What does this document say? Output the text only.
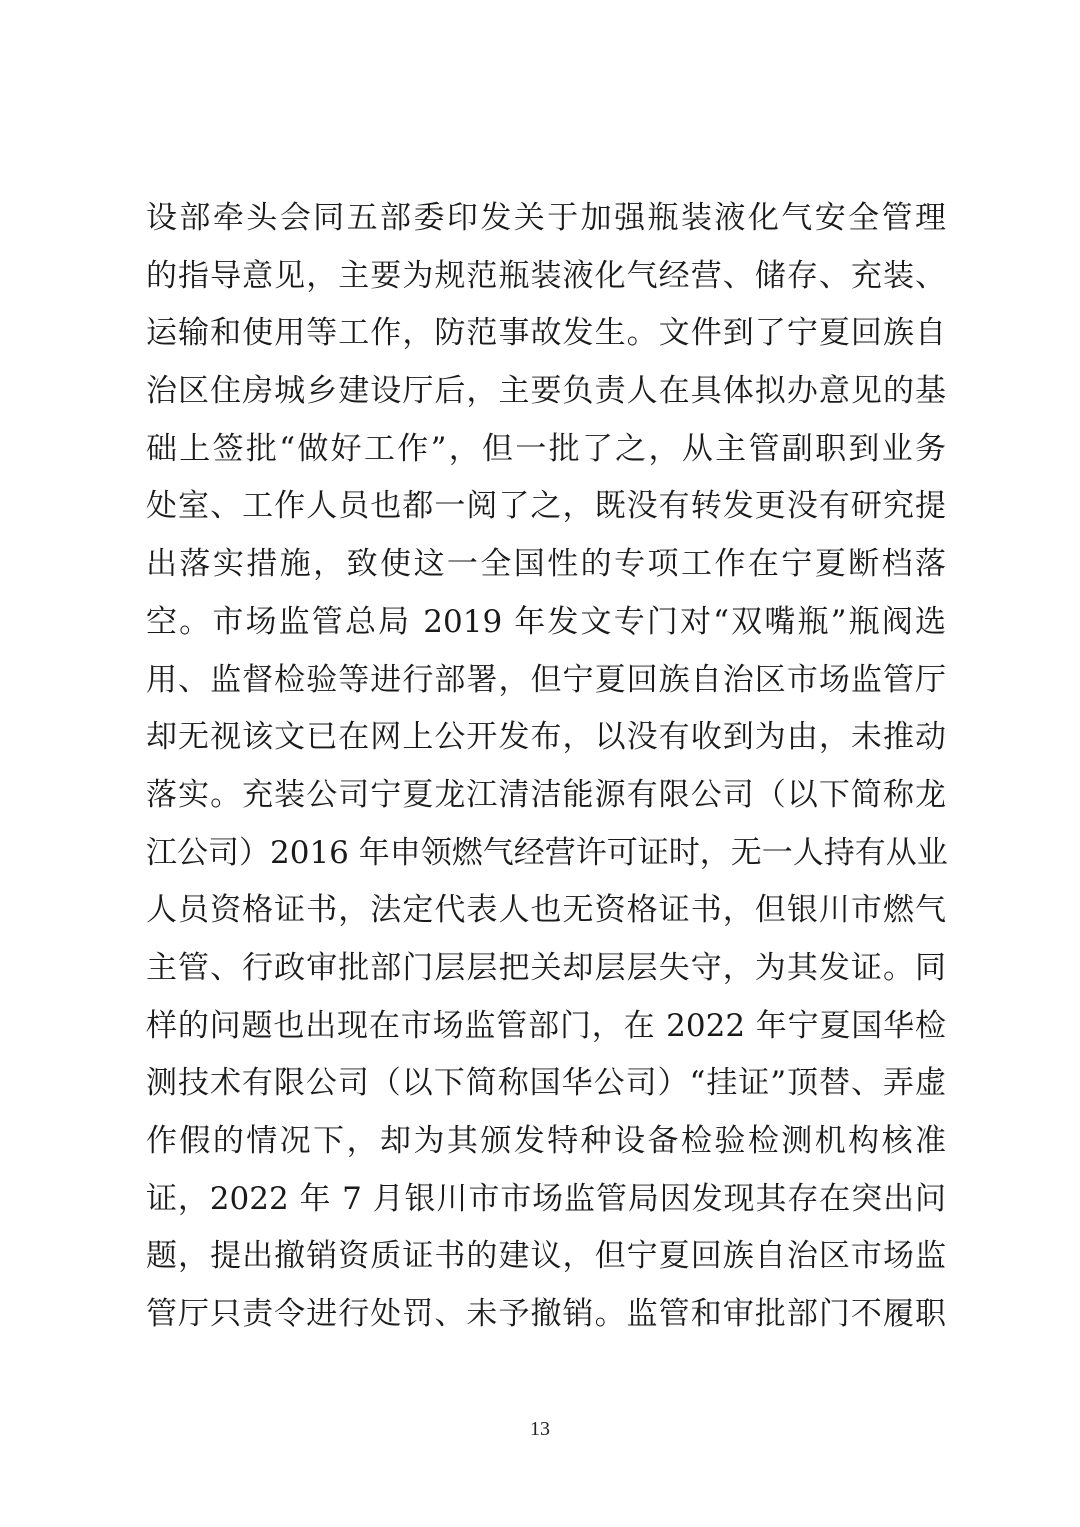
设部牵头会同五部委印发关于加强瓶装液化气安全管理
的指导意见，主要为规范瓶装液化气经营、储存、充装、
运输和使用等工作，防范事故发生。文件到了宁夏回族自
治区住房城乡建设厅后，主要负责人在具体拟办意见的基
础上签批“做好工作”，但一批了之，从主管副职到业务
处室、工作人员也都一阅了之，既没有转发更没有研究提
出落实措施，致使这一全国性的专项工作在宁夏断档落
空。市场监管总局 2019 年发文专门对“双嘴瓶”瓶阀选
用、监督检验等进行部署，但宁夏回族自治区市场监管厅
却无视该文已在网上公开发布，以没有收到为由，未推动
落实。充装公司宁夏龙江清洁能源有限公司（以下简称龙
江公司）2016 年申领燃气经营许可证时，无一人持有从业
人员资格证书，法定代表人也无资格证书，但银川市燃气
主管、行政审批部门层层把关却层层失守，为其发证。同
样的问题也出现在市场监管部门，在 2022 年宁夏国华检
测技术有限公司（以下简称国华公司）“挂证”顶替、弄虚
作假的情况下，却为其颁发特种设备检验检测机构核准
证，2022 年 7 月银川市市场监管局因发现其存在突出问
题，提出撤销资质证书的建议，但宁夏回族自治区市场监
管厅只责令进行处罚、未予撤销。监管和审批部门不履职
13
